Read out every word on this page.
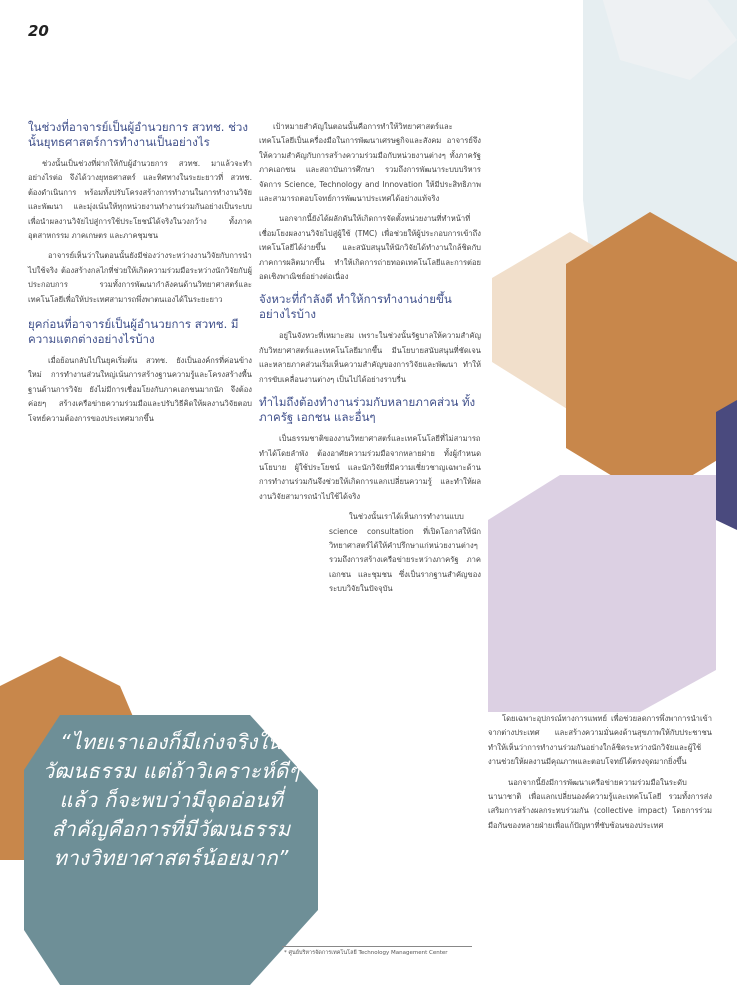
20
ในช่วงที่อาจารย์เป็นผู้อำนวยการ สวทช. ช่วงนั้นยุทธศาสตร์การทำงานเป็นอย่างไร

ช่วงนั้นเป็นช่วงที่ฝากให้กับผู้อำนวยการ สวทช. มาแล้วจะทำอย่างไรต่อ จึงได้วางยุทธศาสตร์ และทิศทางในระยะยาวที่ สวทช. ต้องดำเนินการ พร้อมทั้งปรับโครงสร้างการทำงานในการทำงานวิจัยและพัฒนา และมุ่งเน้นให้ทุกหน่วยงานทำงานร่วมกันอย่างเป็นระบบ เพื่อนำผลงานวิจัยไปสู่การใช้ประโยชน์ได้จริงในวงกว้าง ทั้งภาคอุตสาหกรรม ภาคเกษตร และภาคชุมชน

อาจารย์เห็นว่าในตอนนั้นยังมีช่องว่างระหว่างงานวิจัยกับการนำไปใช้จริง ต้องสร้างกลไกที่ช่วยให้เกิดความร่วมมือระหว่างนักวิจัยกับผู้ประกอบการ รวมทั้งการพัฒนากำลังคนด้านวิทยาศาสตร์และเทคโนโลยีเพื่อให้ประเทศสามารถพึ่งพาตนเองได้ในระยะยาว

ยุคก่อนที่อาจารย์เป็นผู้อำนวยการ สวทช. มีความแตกต่างอย่างไรบ้าง

เมื่อย้อนกลับไปในยุคเริ่มต้น สวทช. ยังเป็นองค์กรที่ค่อนข้างใหม่ การทำงานส่วนใหญ่เน้นการสร้างฐานความรู้และโครงสร้างพื้นฐานด้านการวิจัย ยังไม่มีการเชื่อมโยงกับภาคเอกชนมากนัก จึงต้องค่อยๆ สร้างเครือข่ายความร่วมมือและปรับวิธีคิดให้ผลงานวิจัยตอบโจทย์ความต้องการของประเทศมากขึ้น

เป้าหมายสำคัญในตอนนั้นคือการทำให้วิทยาศาสตร์และเทคโนโลยีเป็นเครื่องมือในการพัฒนาเศรษฐกิจและสังคม อาจารย์จึงให้ความสำคัญกับการสร้างความร่วมมือกับหน่วยงานต่างๆ ทั้งภาครัฐ ภาคเอกชน และสถาบันการศึกษา รวมถึงการพัฒนาระบบบริหารจัดการ Science, Technology and Innovation ให้มีประสิทธิภาพ และสามารถตอบโจทย์การพัฒนาประเทศได้อย่างแท้จริง

นอกจากนี้ยังได้ผลักดันให้เกิดการจัดตั้งหน่วยงานที่ทำหน้าที่เชื่อมโยงผลงานวิจัยไปสู่ผู้ใช้ (TMC) เพื่อช่วยให้ผู้ประกอบการเข้าถึงเทคโนโลยีได้ง่ายขึ้น และสนับสนุนให้นักวิจัยได้ทำงานใกล้ชิดกับภาคการผลิตมากขึ้น ทำให้เกิดการถ่ายทอดเทคโนโลยีและการต่อยอดเชิงพาณิชย์อย่างต่อเนื่อง

จังหวะที่กำลังดี ทำให้การทำงานง่ายขึ้นอย่างไรบ้าง

อยู่ในจังหวะที่เหมาะสม เพราะในช่วงนั้นรัฐบาลให้ความสำคัญกับวิทยาศาสตร์และเทคโนโลยีมากขึ้น มีนโยบายสนับสนุนที่ชัดเจน และหลายภาคส่วนเริ่มเห็นความสำคัญของการวิจัยและพัฒนา ทำให้การขับเคลื่อนงานต่างๆ เป็นไปได้อย่างราบรื่น

ทำไมถึงต้องทำงานร่วมกับหลายภาคส่วน ทั้งภาครัฐ เอกชน และอื่นๆ

เป็นธรรมชาติของงานวิทยาศาสตร์และเทคโนโลยีที่ไม่สามารถทำได้โดยลำพัง ต้องอาศัยความร่วมมือจากหลายฝ่าย ทั้งผู้กำหนดนโยบาย ผู้ใช้ประโยชน์ และนักวิจัยที่มีความเชี่ยวชาญเฉพาะด้าน การทำงานร่วมกันจึงช่วยให้เกิดการแลกเปลี่ยนความรู้ และทำให้ผลงานวิจัยสามารถนำไปใช้ได้จริง

ในช่วงนั้นเราได้เห็นการทำงานแบบ science consultation ที่เปิดโอกาสให้นักวิทยาศาสตร์ได้ให้คำปรึกษาแก่หน่วยงานต่างๆ รวมถึงการสร้างเครือข่ายระหว่างภาครัฐ ภาคเอกชน และชุมชน ซึ่งเป็นรากฐานสำคัญของระบบวิจัยในปัจจุบัน

โดยเฉพาะอุปกรณ์ทางการแพทย์ เพื่อช่วยลดการพึ่งพาการนำเข้าจากต่างประเทศ และสร้างความมั่นคงด้านสุขภาพให้กับประชาชน ทำให้เห็นว่าการทำงานร่วมกันอย่างใกล้ชิดระหว่างนักวิจัยและผู้ใช้งานช่วยให้ผลงานมีคุณภาพและตอบโจทย์ได้ตรงจุดมากยิ่งขึ้น

นอกจากนี้ยังมีการพัฒนาเครือข่ายความร่วมมือในระดับนานาชาติ เพื่อแลกเปลี่ยนองค์ความรู้และเทคโนโลยี รวมทั้งการส่งเสริมการสร้างผลกระทบร่วมกัน (collective impact) โดยการร่วมมือกันของหลายฝ่ายเพื่อแก้ปัญหาที่ซับซ้อนของประเทศ

“ไทยเราเองก็มีเก่งจริงในวัฒนธรรม แต่ถ้าวิเคราะห์ดีๆ แล้ว ก็จะพบว่ามีจุดอ่อนที่สำคัญคือการที่มีวัฒนธรรมทางวิทยาศาสตร์น้อยมาก”
* ศูนย์บริหารจัดการเทคโนโลยี Technology Management Center
